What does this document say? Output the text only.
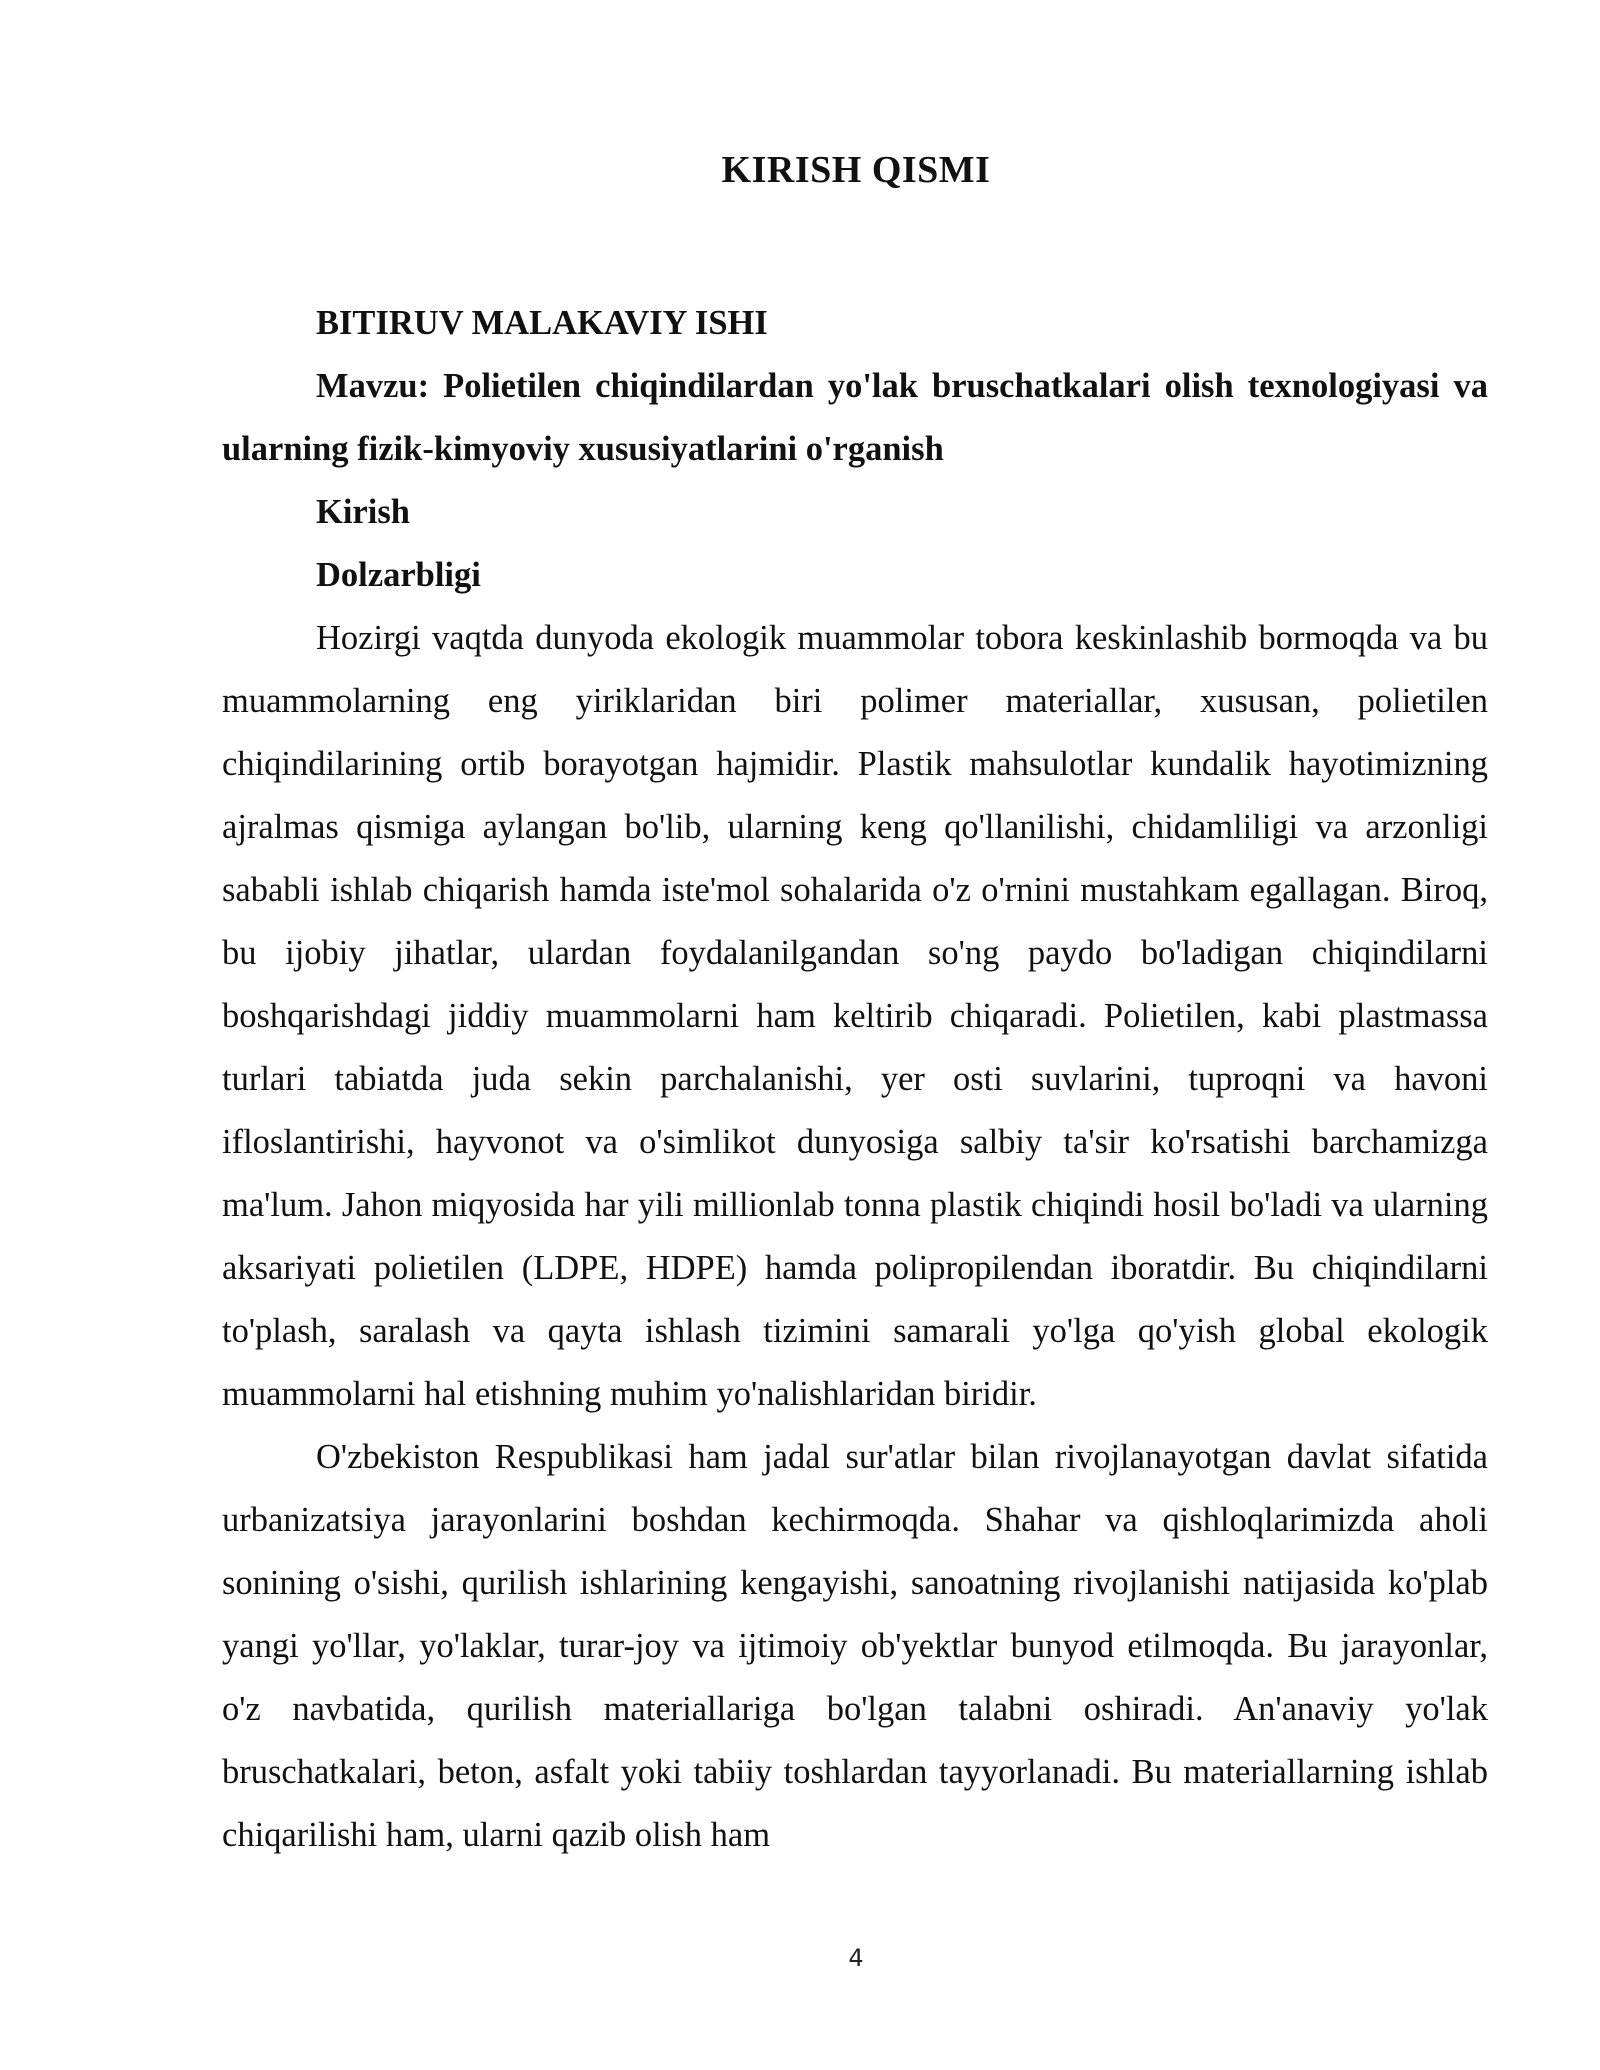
KIRISH QISMI

BITIRUV MALAKAVIY ISHI

Mavzu: Polietilen chiqindilardan yo'lak bruschatkalari olish texnologiyasi va ularning fizik-kimyoviy xususiyatlarini o'rganish

Kirish

Dolzarbligi

Hozirgi vaqtda dunyoda ekologik muammolar tobora keskinlashib bormoqda va bu muammolarning eng yiriklaridan biri polimer materiallar, xususan, polietilen chiqindilarining ortib borayotgan hajmidir. Plastik mahsulotlar kundalik hayotimizning ajralmas qismiga aylangan bo'lib, ularning keng qo'llanilishi, chidamliligi va arzonligi sababli ishlab chiqarish hamda iste'mol sohalarida o'z o'rnini mustahkam egallagan. Biroq, bu ijobiy jihatlar, ulardan foydalanilgandan so'ng paydo bo'ladigan chiqindilarni boshqarishdagi jiddiy muammolarni ham keltirib chiqaradi. Polietilen, kabi plastmassa turlari tabiatda juda sekin parchalanishi, yer osti suvlarini, tuproqni va havoni ifloslantirishi, hayvonot va o'simlikot dunyosiga salbiy ta'sir ko'rsatishi barchamizga ma'lum. Jahon miqyosida har yili millionlab tonna plastik chiqindi hosil bo'ladi va ularning aksariyati polietilen (LDPE, HDPE) hamda polipropilendan iboratdir. Bu chiqindilarni to'plash, saralash va qayta ishlash tizimini samarali yo'lga qo'yish global ekologik muammolarni hal etishning muhim yo'nalishlaridan biridir.

O'zbekiston Respublikasi ham jadal sur'atlar bilan rivojlanayotgan davlat sifatida urbanizatsiya jarayonlarini boshdan kechirmoqda. Shahar va qishloqlarimizda aholi sonining o'sishi, qurilish ishlarining kengayishi, sanoatning rivojlanishi natijasida ko'plab yangi yo'llar, yo'laklar, turar-joy va ijtimoiy ob'yektlar bunyod etilmoqda. Bu jarayonlar, o'z navbatida, qurilish materiallariga bo'lgan talabni oshiradi. An'anaviy yo'lak bruschatkalari, beton, asfalt yoki tabiiy toshlardan tayyorlanadi. Bu materiallarning ishlab chiqarilishi ham, ularni qazib olish ham

4
